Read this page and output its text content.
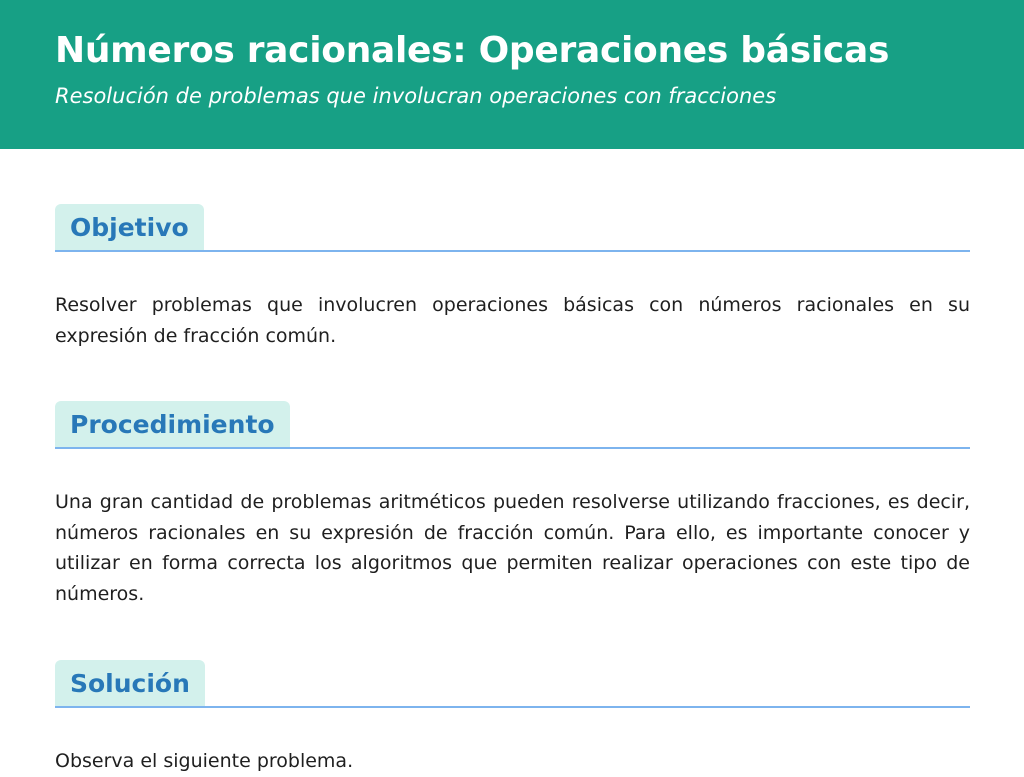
Números racionales: Operaciones básicas
Resolución de problemas que involucran operaciones con fracciones
Objetivo

Resolver problemas que involucren operaciones básicas con números racionales en su expresión de fracción común.

Procedimiento

Una gran cantidad de problemas aritméticos pueden resolverse utilizando fracciones, es decir, números racionales en su expresión de fracción común. Para ello, es importante conocer y utilizar en forma correcta los algoritmos que permiten realizar operaciones con este tipo de números.

Solución

Observa el siguiente problema.
